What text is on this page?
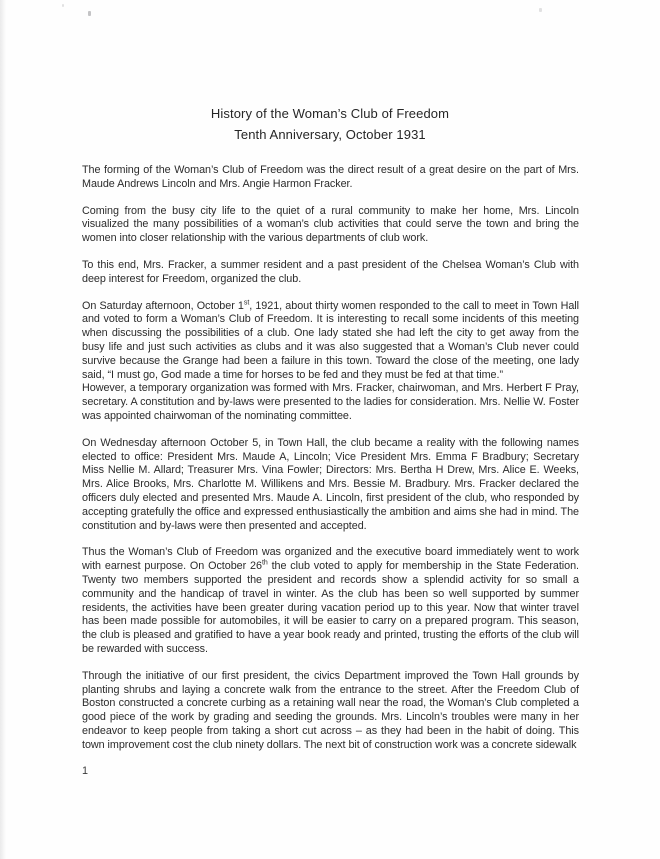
History of the Woman’s Club of Freedom
Tenth Anniversary, October 1931

The forming of the Woman’s Club of Freedom was the direct result of a great desire on the part of Mrs. Maude Andrews Lincoln and Mrs. Angie Harmon Fracker.

Coming from the busy city life to the quiet of a rural community to make her home, Mrs. Lincoln visualized the many possibilities of a woman’s club activities that could serve the town and bring the women into closer relationship with the various departments of club work.

To this end, Mrs. Fracker, a summer resident and a past president of the Chelsea Woman’s Club with deep interest for Freedom, organized the club.

On Saturday afternoon, October 1st, 1921, about thirty women responded to the call to meet in Town Hall and voted to form a Woman’s Club of Freedom. It is interesting to recall some incidents of this meeting when discussing the possibilities of a club. One lady stated she had left the city to get away from the busy life and just such activities as clubs and it was also suggested that a Woman’s Club never could survive because the Grange had been a failure in this town. Toward the close of the meeting, one lady said, “I must go, God made a time for horses to be fed and they must be fed at that time.”
However, a temporary organization was formed with Mrs. Fracker, chairwoman, and Mrs. Herbert F Pray, secretary. A constitution and by-laws were presented to the ladies for consideration. Mrs. Nellie W. Foster was appointed chairwoman of the nominating committee.

On Wednesday afternoon October 5, in Town Hall, the club became a reality with the following names elected to office: President Mrs. Maude A, Lincoln; Vice President Mrs. Emma F Bradbury; Secretary Miss Nellie M. Allard; Treasurer Mrs. Vina Fowler; Directors: Mrs. Bertha H Drew, Mrs. Alice E. Weeks, Mrs. Alice Brooks, Mrs. Charlotte M. Willikens and Mrs. Bessie M. Bradbury. Mrs. Fracker declared the officers duly elected and presented Mrs. Maude A. Lincoln, first president of the club, who responded by accepting gratefully the office and expressed enthusiastically the ambition and aims she had in mind. The constitution and by-laws were then presented and accepted.

Thus the Woman’s Club of Freedom was organized and the executive board immediately went to work with earnest purpose. On October 26th the club voted to apply for membership in the State Federation. Twenty two members supported the president and records show a splendid activity for so small a community and the handicap of travel in winter. As the club has been so well supported by summer residents, the activities have been greater during vacation period up to this year. Now that winter travel has been made possible for automobiles, it will be easier to carry on a prepared program. This season, the club is pleased and gratified to have a year book ready and printed, trusting the efforts of the club will be rewarded with success.

Through the initiative of our first president, the civics Department improved the Town Hall grounds by planting shrubs and laying a concrete walk from the entrance to the street. After the Freedom Club of Boston constructed a concrete curbing as a retaining wall near the road, the Woman’s Club completed a good piece of the work by grading and seeding the grounds. Mrs. Lincoln’s troubles were many in her endeavor to keep people from taking a short cut across – as they had been in the habit of doing. This town improvement cost the club ninety dollars. The next bit of construction work was a concrete sidewalk

1
